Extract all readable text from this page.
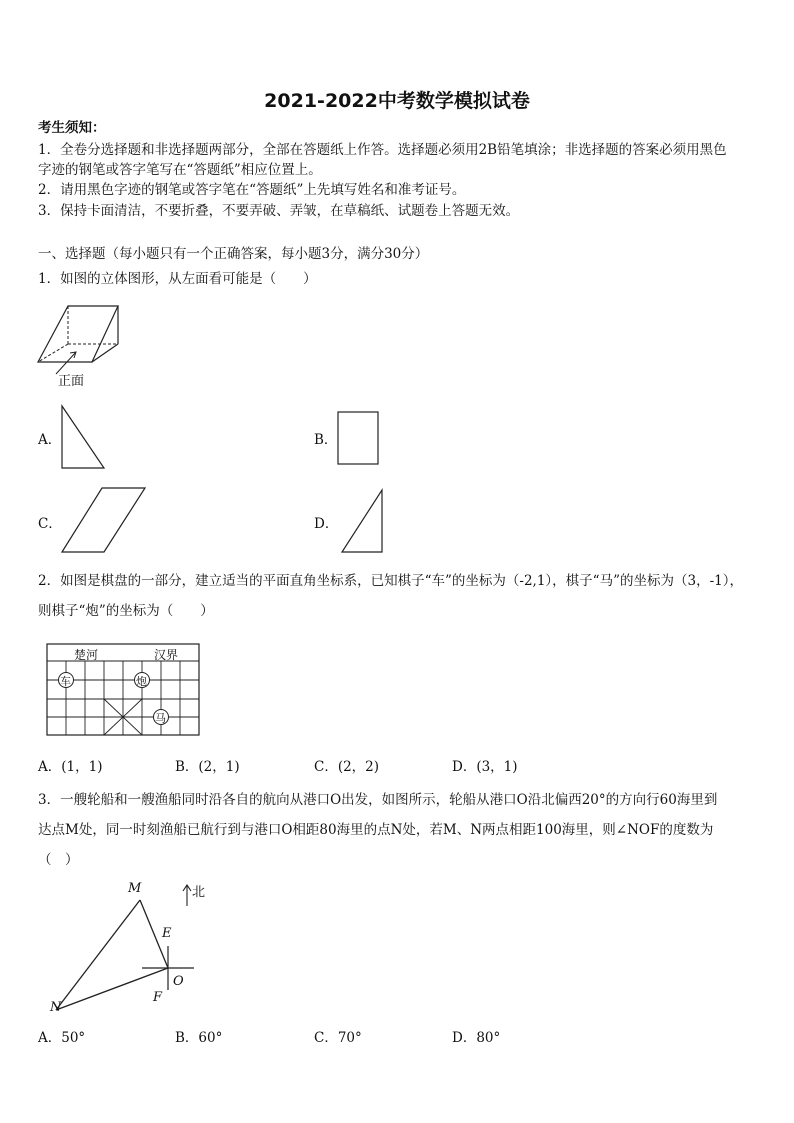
2021-2022中考数学模拟试卷
考生须知：
1．全卷分选择题和非选择题两部分，全部在答题纸上作答。选择题必须用2B铅笔填涂；非选择题的答案必须用黑色
字迹的钢笔或答字笔写在“答题纸”相应位置上。
2．请用黑色字迹的钢笔或答字笔在“答题纸”上先填写姓名和准考证号。
3．保持卡面清洁，不要折叠，不要弄破、弄皱，在草稿纸、试题卷上答题无效。
一、选择题（每小题只有一个正确答案，每小题3分，满分30分）
1．如图的立体图形，从左面看可能是（　　）
正面
A．	B．
C．	D．
2．如图是棋盘的一部分，建立适当的平面直角坐标系，已知棋子“车”的坐标为（-2,1），棋子“马”的坐标为（3，-1），
则棋子“炮”的坐标为（　　）
楚河	汉界
车	炮
马
A．(1，1)	B．(2，1)	C．(2，2)	D．(3，1)
3．一艘轮船和一艘渔船同时沿各自的航向从港口O出发，如图所示，轮船从港口O沿北偏西20°的方向行60海里到
达点M处，同一时刻渔船已航行到与港口O相距80海里的点N处，若M、N两点相距100海里，则∠NOF的度数为
（　）
北
M
E
O
F
N
A．50°	B．60°	C．70°	D．80°
